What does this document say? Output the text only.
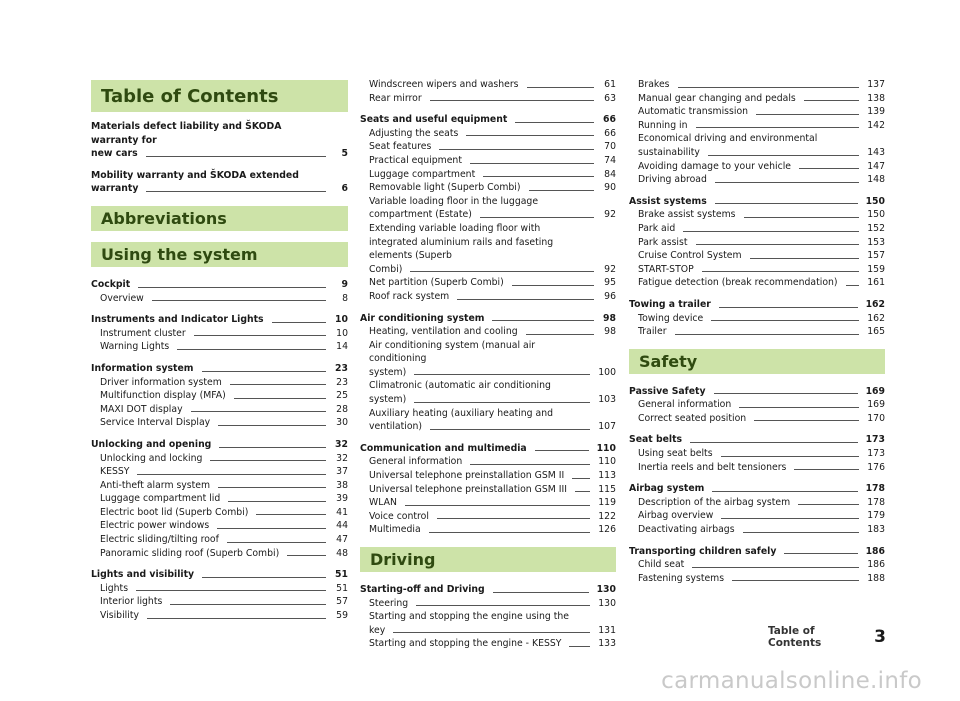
Table of Contents
Materials defect liability and ŠKODA warranty for
new cars	5
Mobility warranty and ŠKODA extended
warranty	6
Abbreviations
Using the system
Cockpit	9
Overview	8
Instruments and Indicator Lights	10
Instrument cluster	10
Warning Lights	14
Information system	23
Driver information system	23
Multifunction display (MFA)	25
MAXI DOT display	28
Service Interval Display	30
Unlocking and opening	32
Unlocking and locking	32
KESSY	37
Anti-theft alarm system	38
Luggage compartment lid	39
Electric boot lid (Superb Combi)	41
Electric power windows	44
Electric sliding/tilting roof	47
Panoramic sliding roof (Superb Combi)	48
Lights and visibility	51
Lights	51
Interior lights	57
Visibility	59
Windscreen wipers and washers	61
Rear mirror	63
Seats and useful equipment	66
Adjusting the seats	66
Seat features	70
Practical equipment	74
Luggage compartment	84
Removable light (Superb Combi)	90
Variable loading floor in the luggage
compartment (Estate)	92
Extending variable loading floor with integrated aluminium rails and faseting elements (Superb
Combi)	92
Net partition (Superb Combi)	95
Roof rack system	96
Air conditioning system	98
Heating, ventilation and cooling	98
Air conditioning system (manual air conditioning
system)	100
Climatronic (automatic air conditioning
system)	103
Auxiliary heating (auxiliary heating and
ventilation)	107
Communication and multimedia	110
General information	110
Universal telephone preinstallation GSM II	113
Universal telephone preinstallation GSM III	115
WLAN	119
Voice control	122
Multimedia	126
Driving
Starting-off and Driving	130
Steering	130
Starting and stopping the engine using the
key	131
Starting and stopping the engine - KESSY	133
Brakes	137
Manual gear changing and pedals	138
Automatic transmission	139
Running in	142
Economical driving and environmental
sustainability	143
Avoiding damage to your vehicle	147
Driving abroad	148
Assist systems	150
Brake assist systems	150
Park aid	152
Park assist	153
Cruise Control System	157
START-STOP	159
Fatigue detection (break recommendation)	161
Towing a trailer	162
Towing device	162
Trailer	165
Safety
Passive Safety	169
General information	169
Correct seated position	170
Seat belts	173
Using seat belts	173
Inertia reels and belt tensioners	176
Airbag system	178
Description of the airbag system	178
Airbag overview	179
Deactivating airbags	183
Transporting children safely	186
Child seat	186
Fastening systems	188
Table of Contents	3
carmanualsonline.info
